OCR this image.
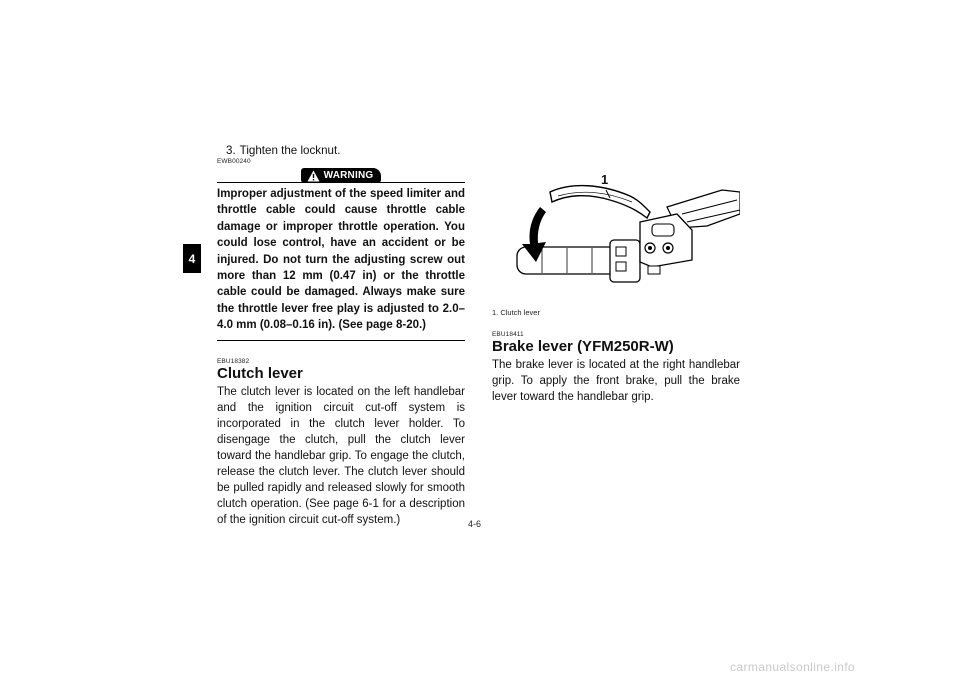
4
3. Tighten the locknut.
EWB00240
WARNING
Improper adjustment of the speed limiter and throttle cable could cause throttle cable damage or improper throttle operation. You could lose control, have an accident or be injured. Do not turn the adjusting screw out more than 12 mm (0.47 in) or the throttle cable could be damaged. Always make sure the throttle lever free play is adjusted to 2.0–4.0 mm (0.08–0.16 in). (See page 8-20.)
EBU18382
Clutch lever

The clutch lever is located on the left handlebar and the ignition circuit cut-off system is incorporated in the clutch lever holder. To disengage the clutch, pull the clutch lever toward the handlebar grip. To engage the clutch, release the clutch lever. The clutch lever should be pulled rapidly and released slowly for smooth clutch operation. (See page 6-1 for a description of the ignition circuit cut-off system.)

1
1. Clutch lever
EBU18411
Brake lever (YFM250R-W)

The brake lever is located at the right handlebar grip. To apply the front brake, pull the brake lever toward the handlebar grip.

4-6
carmanualsonline.info
